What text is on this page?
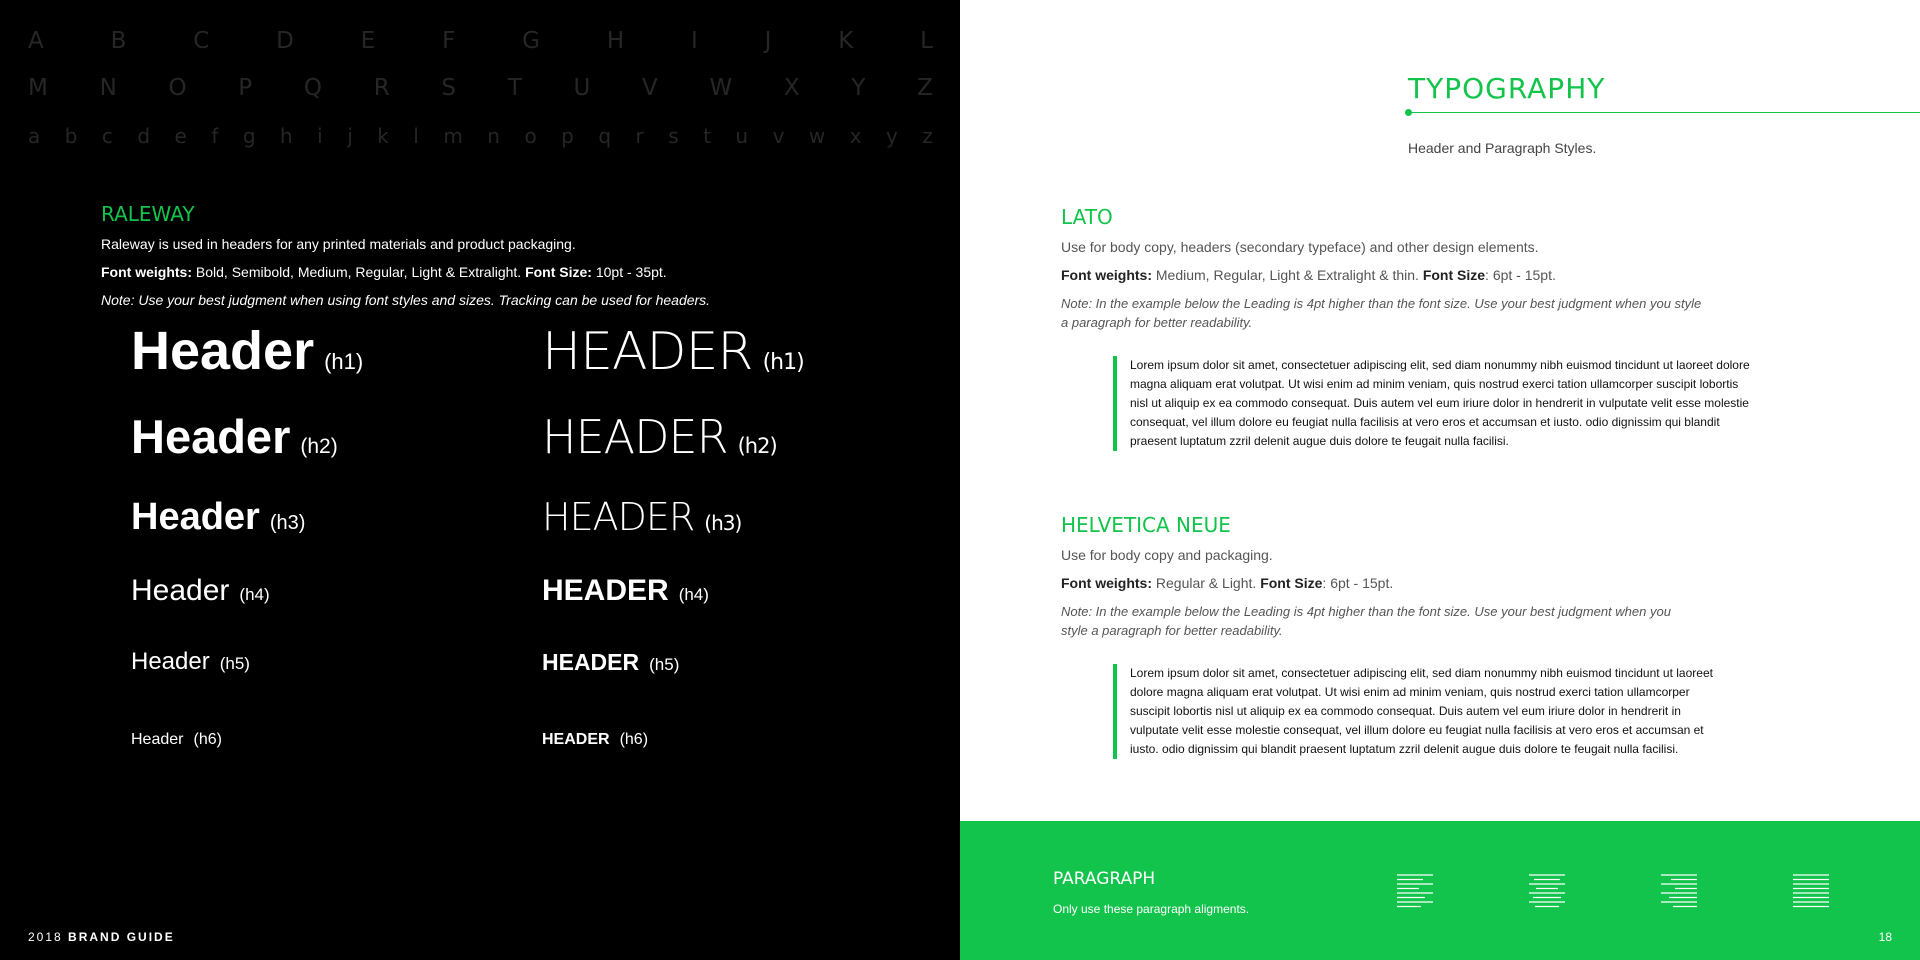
A	B	C	D	E	F	G	H	I	J	K	L
M N O P Q R S T U V W X Y Z
a b c d e f g h i j k l m n o p q r s t u v w x y z
RALEWAY
Raleway is used in headers for any printed materials and product packaging.
Font weights: Bold, Semibold, Medium, Regular, Light & Extralight. Font Size: 10pt - 35pt.
Note: Use your best judgment when using font styles and sizes. Tracking can be used for headers.
Header (h1)
Header (h2)
Header (h3)
Header (h4)
Header (h5)
Header (h6)
HEADER (h1)
HEADER (h2)
HEADER (h3)
HEADER (h4)
HEADER (h5)
HEADER (h6)
2018 BRAND GUIDE
TYPOGRAPHY
Header and Paragraph Styles.
LATO
Use for body copy, headers (secondary typeface) and other design elements.
Font weights: Medium, Regular, Light & Extralight & thin. Font Size: 6pt - 15pt.
Note: In the example below the Leading is 4pt higher than the font size. Use your best judgment when you style
a paragraph for better readability.
Lorem ipsum dolor sit amet, consectetuer adipiscing elit, sed diam nonummy nibh euismod tincidunt ut laoreet dolore
magna aliquam erat volutpat. Ut wisi enim ad minim veniam, quis nostrud exerci tation ullamcorper suscipit lobortis
nisl ut aliquip ex ea commodo consequat. Duis autem vel eum iriure dolor in hendrerit in vulputate velit esse molestie
consequat, vel illum dolore eu feugiat nulla facilisis at vero eros et accumsan et iusto. odio dignissim qui blandit
praesent luptatum zzril delenit augue duis dolore te feugait nulla facilisi.
HELVETICA NEUE
Use for body copy and packaging.
Font weights: Regular & Light. Font Size: 6pt - 15pt.
Note: In the example below the Leading is 4pt higher than the font size. Use your best judgment when you
style a paragraph for better readability.
Lorem ipsum dolor sit amet, consectetuer adipiscing elit, sed diam nonummy nibh euismod tincidunt ut laoreet
dolore magna aliquam erat volutpat. Ut wisi enim ad minim veniam, quis nostrud exerci tation ullamcorper
suscipit lobortis nisl ut aliquip ex ea commodo consequat. Duis autem vel eum iriure dolor in hendrerit in
vulputate velit esse molestie consequat, vel illum dolore eu feugiat nulla facilisis at vero eros et accumsan et
iusto. odio dignissim qui blandit praesent luptatum zzril delenit augue duis dolore te feugait nulla facilisi.
PARAGRAPH
Only use these paragraph aligments.
18
